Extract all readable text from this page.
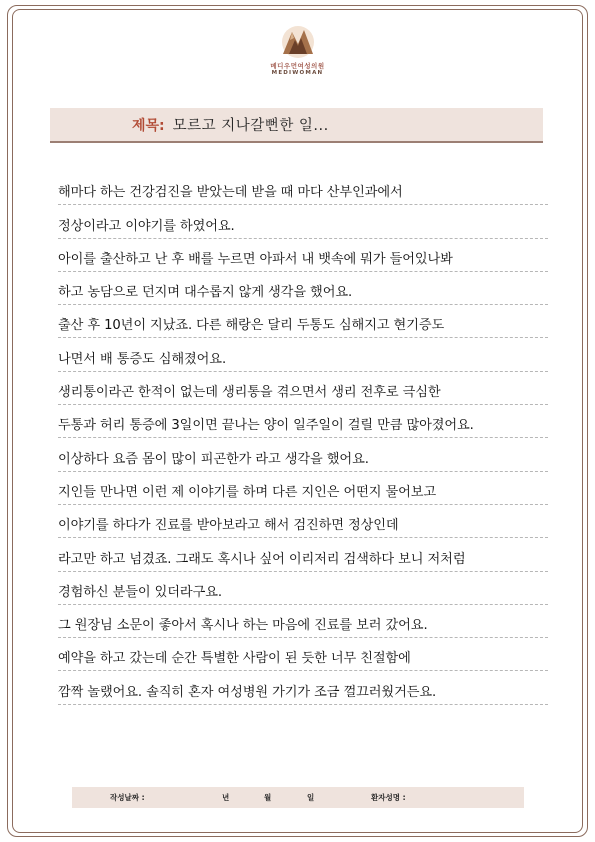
메디우먼여성의원
MEDIWOMAN
제목: 모르고 지나갈뻔한 일...
해마다 하는 건강검진을 받았는데 받을 때 마다 산부인과에서
정상이라고 이야기를 하였어요.
아이를 출산하고 난 후 배를 누르면 아파서 내 뱃속에 뭐가 들어있나봐
하고 농담으로 던지며 대수롭지 않게 생각을 했어요.
출산 후 10년이 지났죠. 다른 해랑은 달리 두통도 심해지고 현기증도
나면서 배 통증도 심해졌어요.
생리통이라곤 한적이 없는데 생리통을 겪으면서 생리 전후로 극심한
두통과 허리 통증에 3일이면 끝나는 양이 일주일이 걸릴 만큼 많아졌어요.
이상하다 요즘 몸이 많이 피곤한가 라고 생각을 했어요.
지인들 만나면 이런 제 이야기를 하며 다른 지인은 어떤지 물어보고
이야기를 하다가 진료를 받아보라고 해서 검진하면 정상인데
라고만 하고 넘겼죠. 그래도 혹시나 싶어 이리저리 검색하다 보니 저처럼
경험하신 분들이 있더라구요.
그 원장님 소문이 좋아서 혹시나 하는 마음에 진료를 보러 갔어요.
예약을 하고 갔는데 순간 특별한 사람이 된 듯한 너무 친절함에
깜짝 놀랬어요. 솔직히 혼자 여성병원 가기가 조금 껄끄러웠거든요.
작성날짜 :	년	월	일	환자성명 :
